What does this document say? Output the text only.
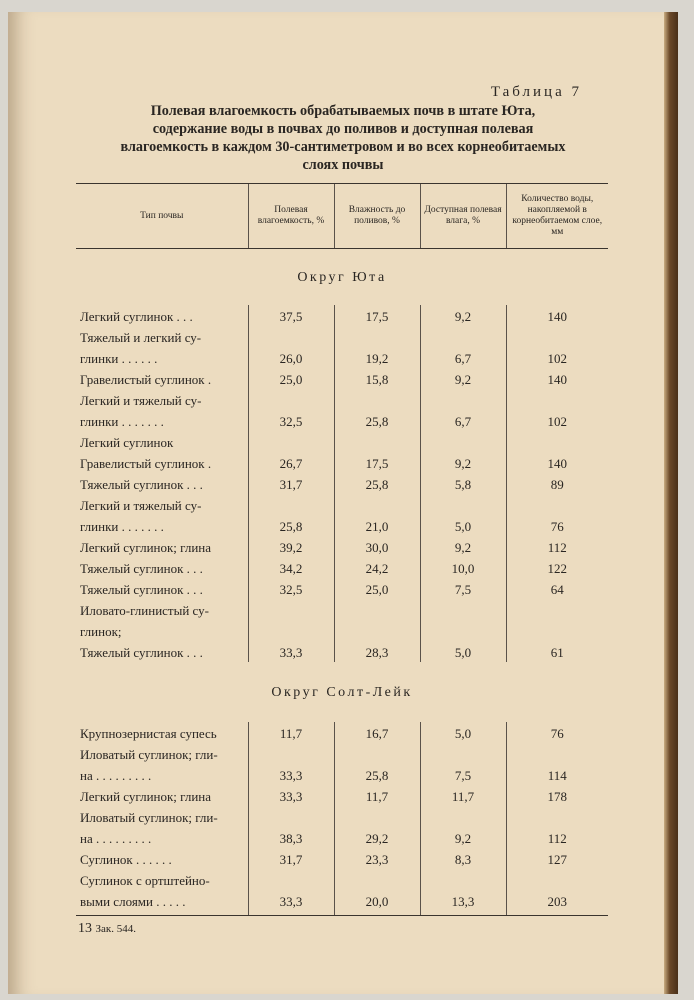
Таблица 7
Полевая влагоемкость обрабатываемых почв в штате Юта,
содержание воды в почвах до поливов и доступная полевая
влагоемкость в каждом 30-сантиметровом и во всех корнеобитаемых
слоях почвы
Тип почвы	Полевая влагоемкость, %	Влажность до поливов, %	Доступная полевая влага, %	Количество воды, накопляемой в корнеобитаемом слое, мм
Округ Юта				
Легкий суглинок . . .	37,5	17,5	9,2	140
Тяжелый и легкий су-				
глинки . . . . . .	26,0	19,2	6,7	102
Гравелистый суглинок .	25,0	15,8	9,2	140
Легкий и тяжелый су-				
глинки . . . . . . .	32,5	25,8	6,7	102
Легкий суглинок				
Гравелистый суглинок .	26,7	17,5	9,2	140
Тяжелый суглинок . . .	31,7	25,8	5,8	89
Легкий и тяжелый су-				
глинки . . . . . . .	25,8	21,0	5,0	76
Легкий суглинок; глина	39,2	30,0	9,2	112
Тяжелый суглинок . . .	34,2	24,2	10,0	122
Тяжелый суглинок . . .	32,5	25,0	7,5	64
Иловато-глинистый су-				
глинок;				
Тяжелый суглинок . . .	33,3	28,3	5,0	61
Округ Солт-Лейк				
Крупнозернистая супесь	11,7	16,7	5,0	76
Иловатый суглинок; гли-				
на . . . . . . . . .	33,3	25,8	7,5	114
Легкий суглинок; глина	33,3	11,7	11,7	178
Иловатый суглинок; гли-				
на . . . . . . . . .	38,3	29,2	9,2	112
Суглинок . . . . . .	31,7	23,3	8,3	127
Суглинок с ортштейно-				
выми слоями . . . . .	33,3	20,0	13,3	203
13 Зак. 544.
